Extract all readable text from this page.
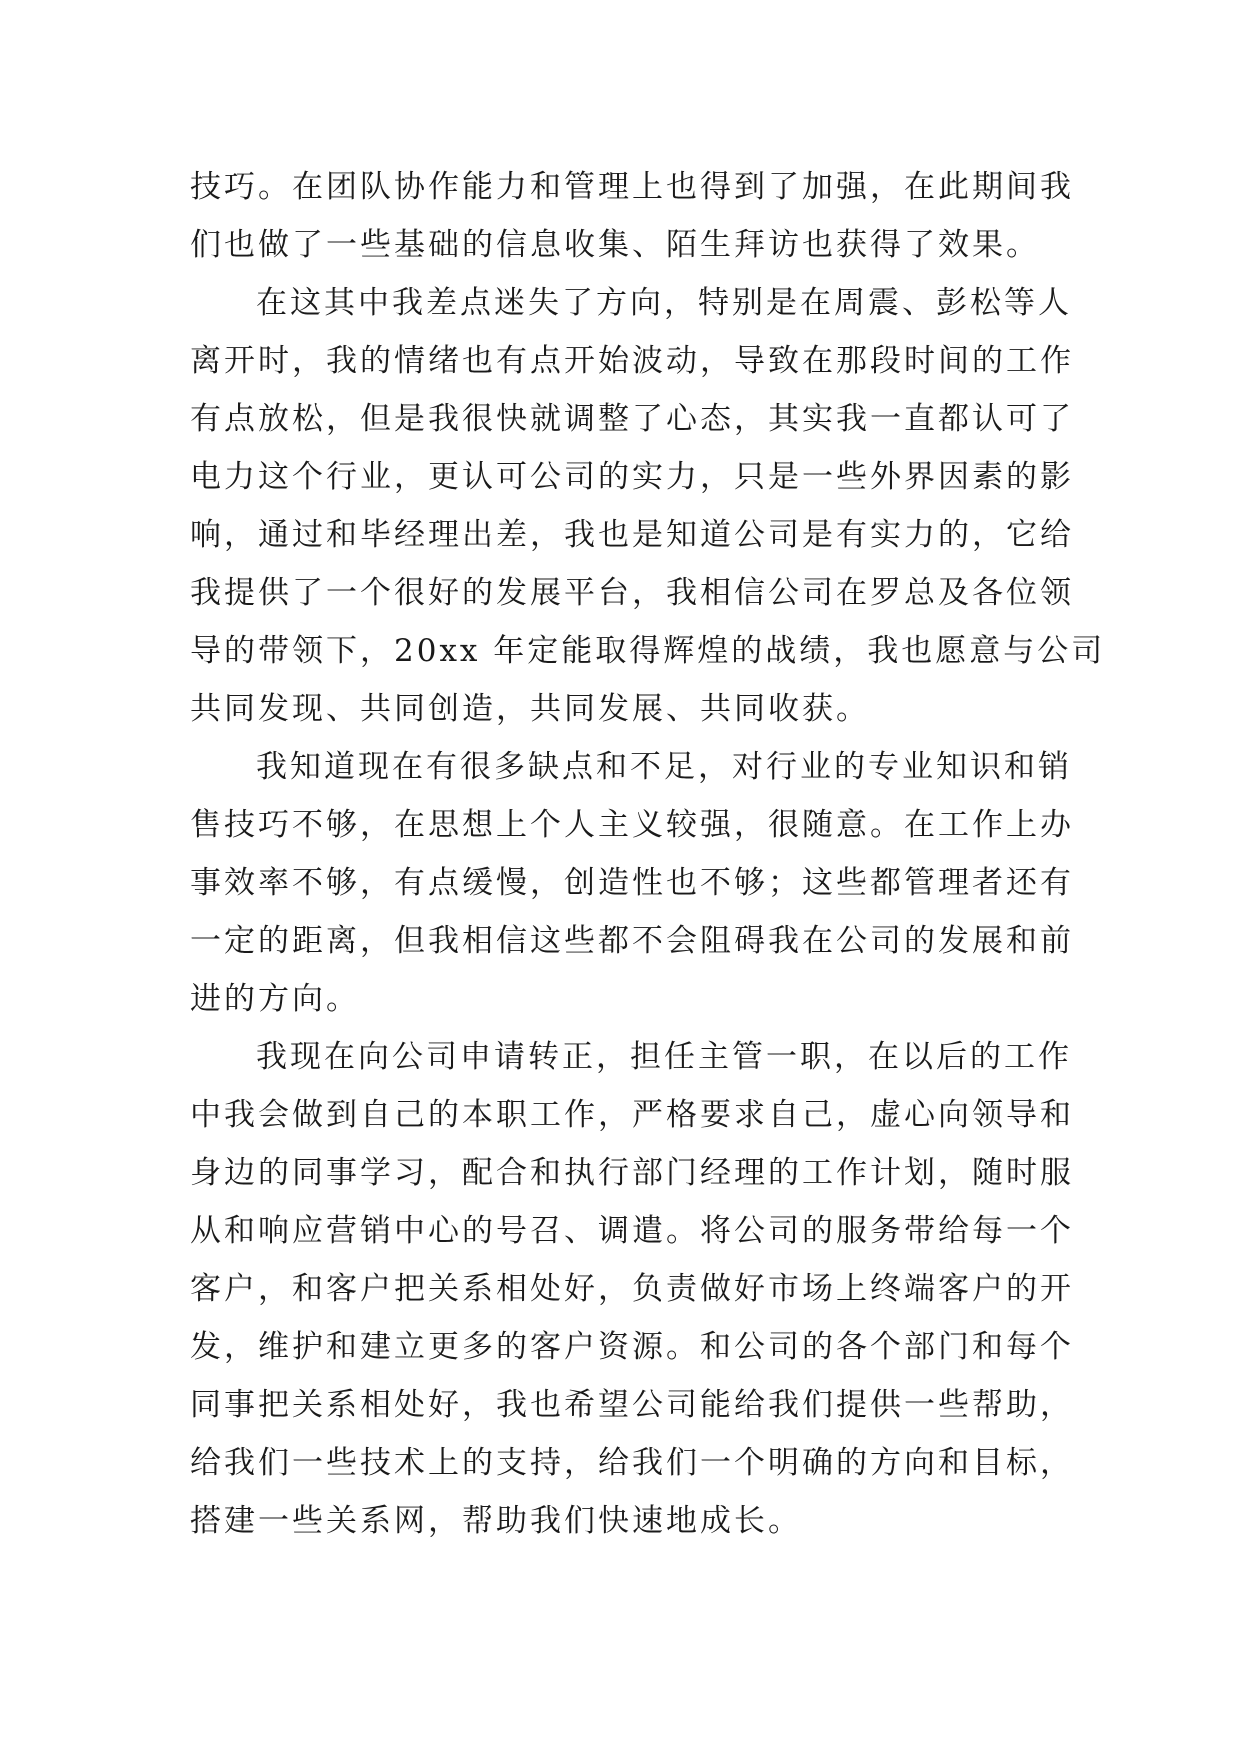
技巧。在团队协作能力和管理上也得到了加强，在此期间我
们也做了一些基础的信息收集、陌生拜访也获得了效果。
在这其中我差点迷失了方向，特别是在周震、彭松等人
离开时，我的情绪也有点开始波动，导致在那段时间的工作
有点放松，但是我很快就调整了心态，其实我一直都认可了
电力这个行业，更认可公司的实力，只是一些外界因素的影
响，通过和毕经理出差，我也是知道公司是有实力的，它给
我提供了一个很好的发展平台，我相信公司在罗总及各位领
导的带领下，20xx 年定能取得辉煌的战绩，我也愿意与公司
共同发现、共同创造，共同发展、共同收获。
我知道现在有很多缺点和不足，对行业的专业知识和销
售技巧不够，在思想上个人主义较强，很随意。在工作上办
事效率不够，有点缓慢，创造性也不够；这些都管理者还有
一定的距离，但我相信这些都不会阻碍我在公司的发展和前
进的方向。
我现在向公司申请转正，担任主管一职，在以后的工作
中我会做到自己的本职工作，严格要求自己，虚心向领导和
身边的同事学习，配合和执行部门经理的工作计划，随时服
从和响应营销中心的号召、调遣。将公司的服务带给每一个
客户，和客户把关系相处好，负责做好市场上终端客户的开
发，维护和建立更多的客户资源。和公司的各个部门和每个
同事把关系相处好，我也希望公司能给我们提供一些帮助，
给我们一些技术上的支持，给我们一个明确的方向和目标，
搭建一些关系网，帮助我们快速地成长。
